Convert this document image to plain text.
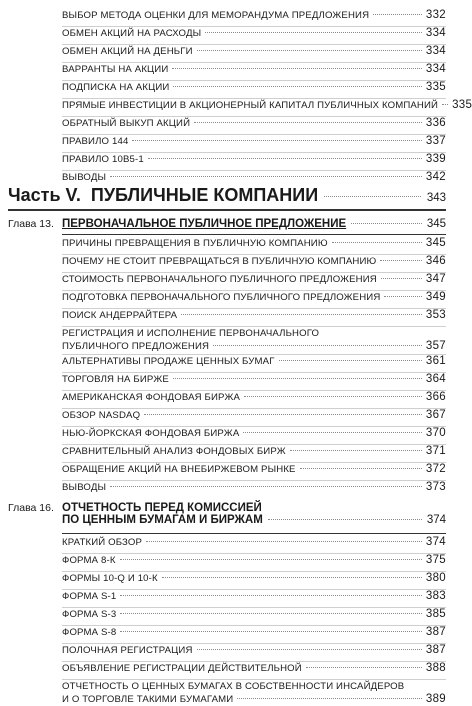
ВЫБОР МЕТОДА ОЦЕНКИ ДЛЯ МЕМОРАНДУМА ПРЕДЛОЖЕНИЯ	332
ОБМЕН АКЦИЙ НА РАСХОДЫ	334
ОБМЕН АКЦИЙ НА ДЕНЬГИ	334
ВАРРАНТЫ НА АКЦИИ	334
ПОДПИСКА НА АКЦИИ	335
ПРЯМЫЕ ИНВЕСТИЦИИ В АКЦИОНЕРНЫЙ КАПИТАЛ ПУБЛИЧНЫХ КОМПАНИЙ 335
ОБРАТНЫЙ ВЫКУП АКЦИЙ	336
ПРАВИЛО 144	337
ПРАВИЛО 10B5-1	339
ВЫВОДЫ	342
Часть V. ПУБЛИЧНЫЕ КОМПАНИИ	343
Глава 13. ПЕРВОНАЧАЛЬНОЕ ПУБЛИЧНОЕ ПРЕДЛОЖЕНИЕ	345
ПРИЧИНЫ ПРЕВРАЩЕНИЯ В ПУБЛИЧНУЮ КОМПАНИЮ	345
ПОЧЕМУ НЕ СТОИТ ПРЕВРАЩАТЬСЯ В ПУБЛИЧНУЮ КОМПАНИЮ	346
СТОИМОСТЬ ПЕРВОНАЧАЛЬНОГО ПУБЛИЧНОГО ПРЕДЛОЖЕНИЯ	347
ПОДГОТОВКА ПЕРВОНАЧАЛЬНОГО ПУБЛИЧНОГО ПРЕДЛОЖЕНИЯ	349
ПОИСК АНДЕРРАЙТЕРА	353
РЕГИСТРАЦИЯ И ИСПОЛНЕНИЕ ПЕРВОНАЧАЛЬНОГО
ПУБЛИЧНОГО ПРЕДЛОЖЕНИЯ	357
АЛЬТЕРНАТИВЫ ПРОДАЖЕ ЦЕННЫХ БУМАГ	361
ТОРГОВЛЯ НА БИРЖЕ	364
АМЕРИКАНСКАЯ ФОНДОВАЯ БИРЖА	366
ОБЗОР NASDAQ	367
НЬЮ-ЙОРКСКАЯ ФОНДОВАЯ БИРЖА	370
СРАВНИТЕЛЬНЫЙ АНАЛИЗ ФОНДОВЫХ БИРЖ	371
ОБРАЩЕНИЕ АКЦИЙ НА ВНЕБИРЖЕВОМ РЫНКЕ	372
ВЫВОДЫ	373
Глава 16. ОТЧЕТНОСТЬ ПЕРЕД КОМИССИЕЙ
ПО ЦЕННЫМ БУМАГАМ И БИРЖАМ	374
КРАТКИЙ ОБЗОР	374
ФОРМА 8-К	375
ФОРМЫ 10-Q И 10-К	380
ФОРМА S-1	383
ФОРМА S-3	385
ФОРМА S-8	387
ПОЛОЧНАЯ РЕГИСТРАЦИЯ	387
ОБЪЯВЛЕНИЕ РЕГИСТРАЦИИ ДЕЙСТВИТЕЛЬНОЙ	388
ОТЧЕТНОСТЬ О ЦЕННЫХ БУМАГАХ В СОБСТВЕННОСТИ ИНСАЙДЕРОВ
И О ТОРГОВЛЕ ТАКИМИ БУМАГАМИ	389
